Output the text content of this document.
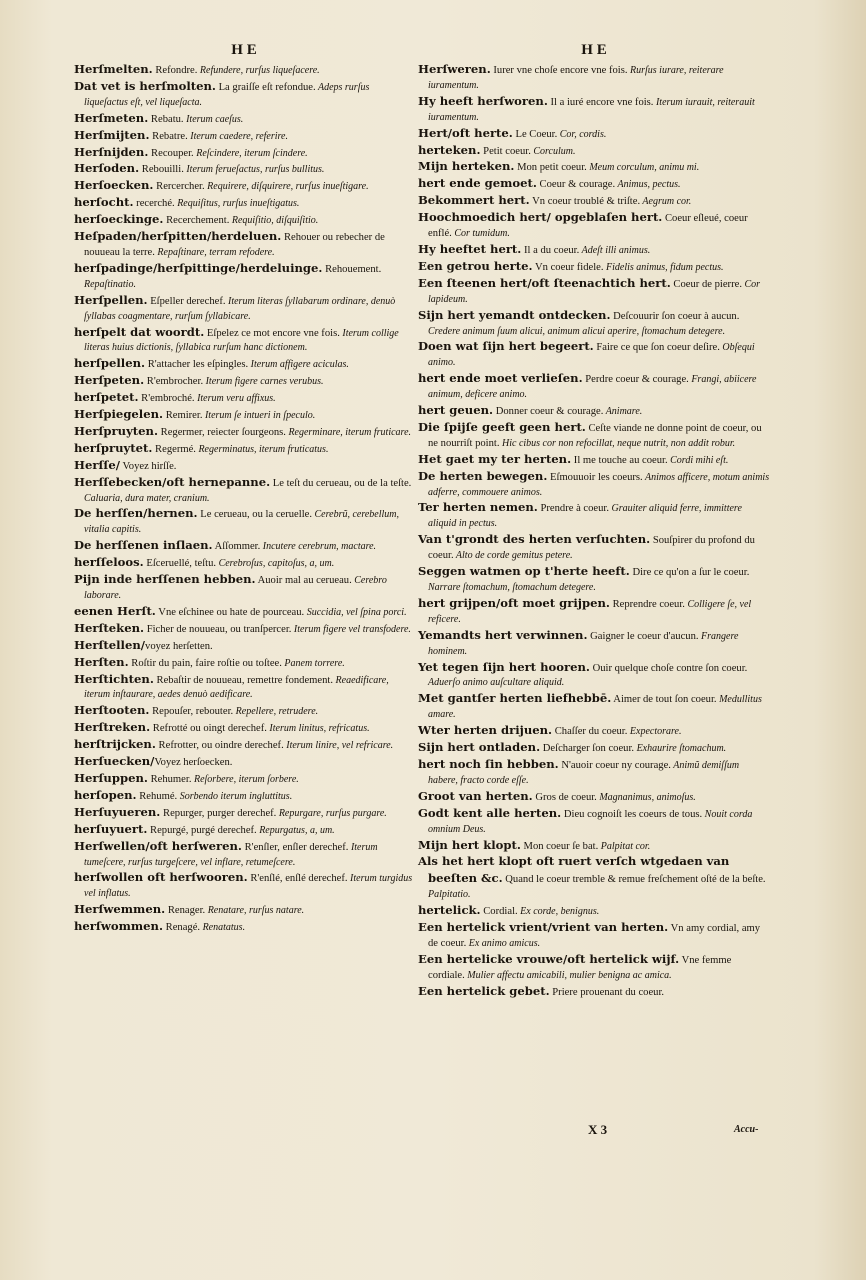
H E
Herſmelten. Refondre. Refundere, rurſus liqueſacere.
Dat vet is herſmolten. La graiſſe eſt refondue. Adeps rurſus liqueſactus eſt, vel liqueſacta.
Herſmeten. Rebatu. Iterum caeſus.
Herſmijten. Rebatre. Iterum caedere, referire.
Herſnijden. Recouper. Reſcindere, iterum ſcindere.
Herſoden. Rebouilli. Iterum ferueſactus, rurſus bullitus.
Herſoecken. Rercercher. Requirere, diſquirere, rurſus inueſtigare.
herſocht. recerché. Requiſitus, rurſus inueſtigatus.
herſoeckinge. Recerchement. Requiſitio, diſquiſitio.
Heſpaden/herſpitten/herdeluen. Rehouer ou rebecher de nouueau la terre. Repaſtinare, terram refodere.
herſpadinge/herſpittinge/herdeluinge. Rehouement. Repaſtinatio.
Herſpellen. Eſpeller derechef. Iterum literas ſyllabarum ordinare, denuò ſyllabas coagmentare, rurſum ſyllabicare.
herſpelt dat woordt. Eſpelez ce mot encore vne fois. Iterum collige literas huius dictionis, ſyllabica rurſum hanc dictionem.
herſpellen. R'attacher les eſpingles. Iterum affigere aciculas.
Herſpeten. R'embrocher. Iterum figere carnes verubus.
herſpetet. R'embroché. Iterum veru affixus.
Herſpiegelen. Remirer. Iterum ſe intueri in ſpeculo.
Herſpruyten. Regermer, reiecter ſourgeons. Regerminare, iterum fruticare.
herſpruytet. Regermé. Regerminatus, iterum fruticatus.
Herſſe/ Voyez hirſſe.
Herſſebecken/oft hernepanne. Le teſt du cerueau, ou de la teſte. Caluaria, dura mater, cranium.
De herſſen/hernen. Le cerueau, ou la ceruelle. Cerebrũ, cerebellum, vitalia capitis.
De herſſenen inſlaen. Aſſommer. Incutere cerebrum, mactare.
herſſeloos. Eſceruellé, teſtu. Cerebroſus, capitoſus, a, um.
Pijn inde herſſenen hebben. Auoir mal au cerueau. Cerebro laborare.
eenen Herſt. Vne eſchinee ou hate de pourceau. Succidia, vel ſpina porci.
Herſteken. Ficher de nouueau, ou tranſpercer. Iterum figere vel transfodere.
Herſtellen/voyez herſetten.
Herſten. Roſtir du pain, faire roſtie ou toſtee. Panem torrere.
Herſtichten. Rebaſtir de nouueau, remettre fondement. Reaedificare, iterum inſtaurare, aedes denuò aedificare.
Herſtooten. Repouſer, rebouter. Repellere, retrudere.
Herſtreken. Refrotté ou oingt derechef. Iterum linitus, refricatus.
herſtrijcken. Refrotter, ou oindre derechef. Iterum linire, vel refricare.
Herſuecken/Voyez herſoecken.
Herſuppen. Rehumer. Reſorbere, iterum ſorbere.
herſopen. Rehumé. Sorbendo iterum ingluttitus.
Herſuyueren. Repurger, purger derechef. Repurgare, rurſus purgare.
herſuyuert. Repurgé, purgé derechef. Repurgatus, a, um.
Herſwellen/oft herſweren. R'enſler, enſler derechef. Iterum tumeſcere, rurſus turgeſcere, vel inflare, retumeſcere.
herſwollen oft herſwooren. R'enſlé, enſlé derechef. Iterum turgidus vel inflatus.
Herſwemmen. Renager. Renatare, rurſus natare.
herſwommen. Renagé. Renatatus.
H E
Herſweren. Iurer vne choſe encore vne fois. Rurſus iurare, reiterare iuramentum.
Hy heeft herſworen. Il a iuré encore vne fois. Iterum iurauit, reiterauit iuramentum.
Hert/oft herte. Le Coeur. Cor, cordis.
herteken. Petit coeur. Corculum.
Mijn herteken. Mon petit coeur. Meum corculum, animu mi.
hert ende gemoet. Coeur & courage. Animus, pectus.
Bekommert hert. Vn coeur troublé & triſte. Aegrum cor.
Hoochmoedich hert/ opgeblaſen hert. Coeur eſleué, coeur enflé. Cor tumidum.
Hy heeftet hert. Il a du coeur. Adeſt illi animus.
Een getrou herte. Vn coeur fidele. Fidelis animus, fidum pectus.
Een ſteenen hert/oft ſteenachtich hert. Coeur de pierre. Cor lapideum.
Sijn hert yemandt ontdecken. Deſcouurir ſon coeur à aucun. Credere animum ſuum alicui, animum alicui aperire, ſtomachum detegere.
Doen wat ſijn hert begeert. Faire ce que ſon coeur deſire. Obſequi animo.
hert ende moet verlieſen. Perdre coeur & courage. Frangi, abiicere animum, deficere animo.
hert geuen. Donner coeur & courage. Animare.
Die ſpijſe geeft geen hert. Ceſte viande ne donne point de coeur, ou ne nourriſt point. Hic cibus cor non refocillat, neque nutrit, non addit robur.
Het gaet my ter herten. Il me touche au coeur. Cordi mihi eſt.
De herten bewegen. Eſmouuoir les coeurs. Animos afficere, motum animis adferre, commouere animos.
Ter herten nemen. Prendre à coeur. Grauiter aliquid ferre, immittere aliquid in pectus.
Van t'grondt des herten verſuchten. Souſpirer du profond du coeur. Alto de corde gemitus petere.
Seggen watmen op t'herte heeft. Dire ce qu'on a ſur le coeur. Narrare ſtomachum, ſtomachum detegere.
hert grijpen/oft moet grijpen. Reprendre coeur. Colligere ſe, vel reficere.
Yemandts hert verwinnen. Gaigner le coeur d'aucun. Frangere hominem.
Yet tegen ſijn hert hooren. Ouir quelque choſe contre ſon coeur. Aduerſo animo auſcultare aliquid.
Met gantſer herten liefhebbē. Aimer de tout ſon coeur. Medullitus amare.
Wter herten drijuen. Chaſſer du coeur. Expectorare.
Sijn hert ontladen. Deſcharger ſon coeur. Exhaurire ſtomachum.
hert noch ſin hebben. N'auoir coeur ny courage. Animũ demiſſum habere, fracto corde eſſe.
Groot van herten. Gros de coeur. Magnanimus, animoſus.
Godt kent alle herten. Dieu cognoiſt les coeurs de tous. Nouit corda omnium Deus.
Mijn hert klopt. Mon coeur ſe bat. Palpitat cor.
Als het hert klopt oft ruert verſch wtgedaen van beeſten &c. Quand le coeur tremble & remue freſchement oſté de la beſte. Palpitatio.
hertelick. Cordial. Ex corde, benignus.
Een hertelick vrient/vrient van herten. Vn amy cordial, amy de coeur. Ex animo amicus.
Een hertelicke vrouwe/oft hertelick wijf. Vne femme cordiale. Mulier affectu amicabili, mulier benigna ac amica.
Een hertelick gebet. Priere prouenant du coeur.
X 3	Accu-
